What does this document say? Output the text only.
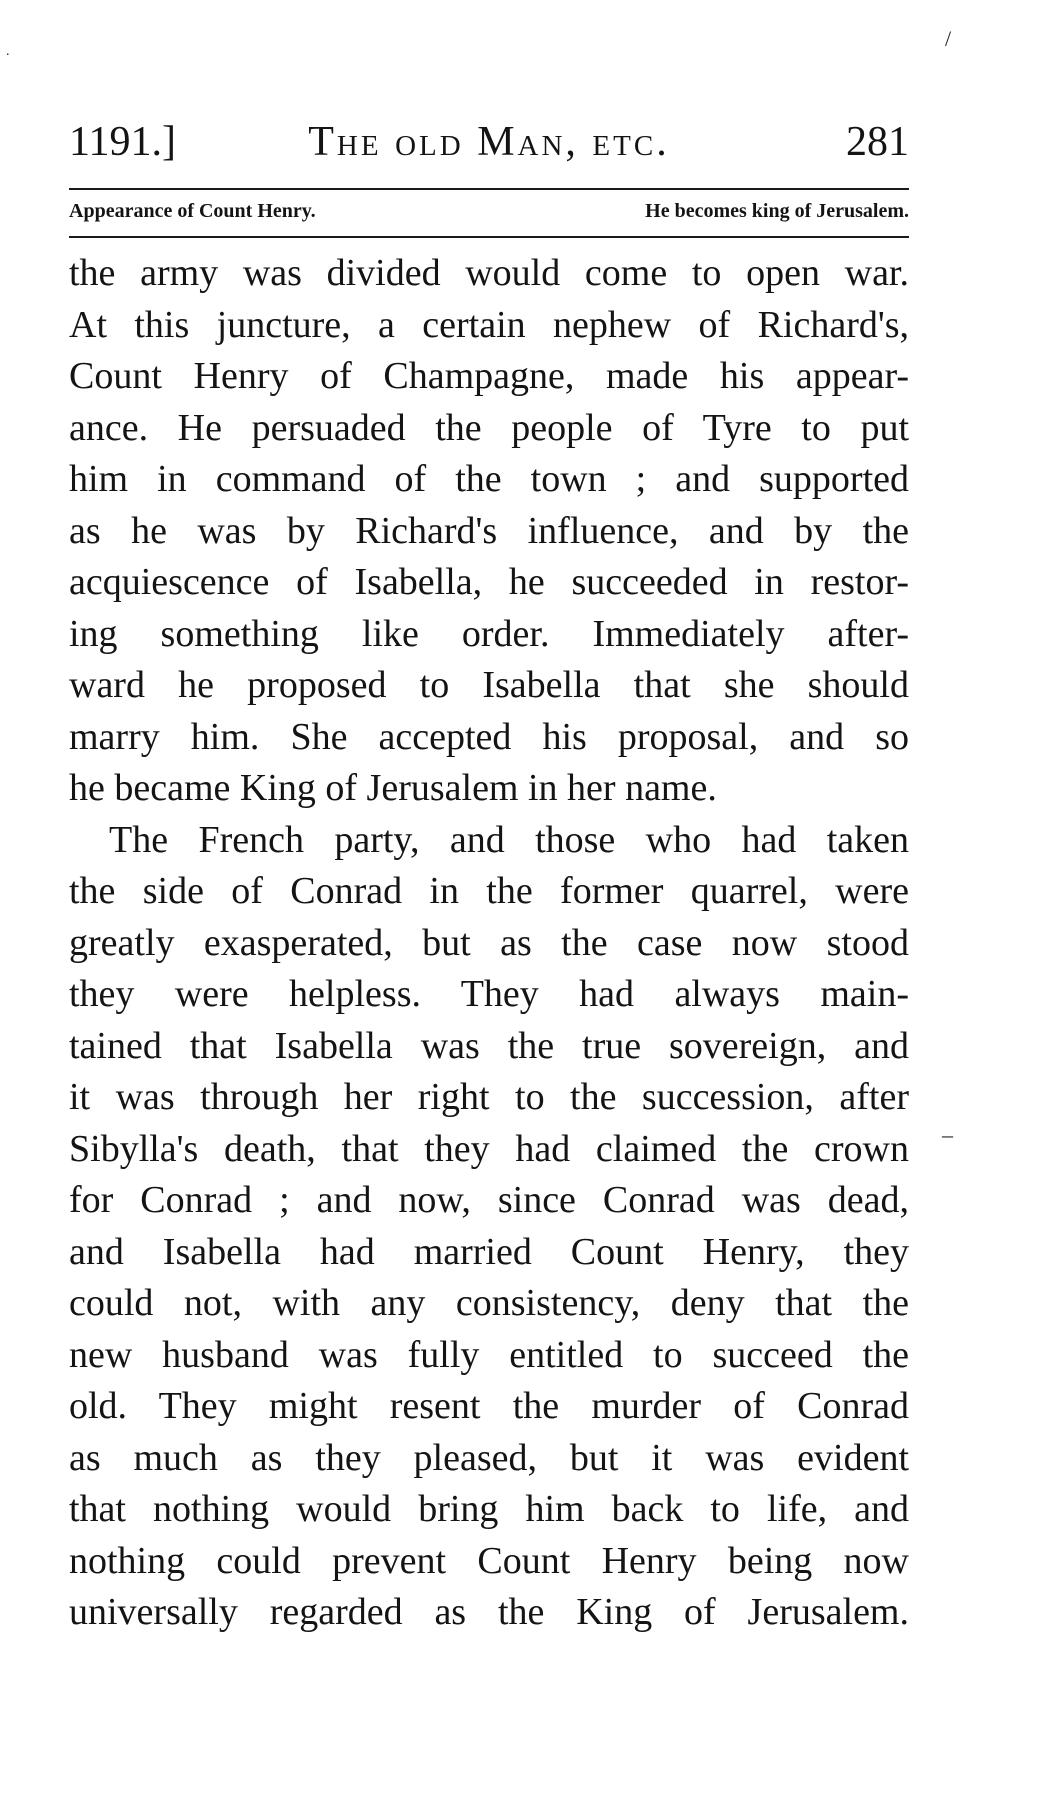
/
.
1191.]	The old Man, etc.	281
Appearance of Count Henry.	He becomes king of Jerusalem.
the army was divided would come to open war.
At this juncture, a certain nephew of Richard's,
Count Henry of Champagne, made his appear-
ance. He persuaded the people of Tyre to put
him in command of the town ; and supported
as he was by Richard's influence, and by the
acquiescence of Isabella, he succeeded in restor-
ing something like order. Immediately after-
ward he proposed to Isabella that she should
marry him. She accepted his proposal, and so
he became King of Jerusalem in her name.
The French party, and those who had taken
the side of Conrad in the former quarrel, were
greatly exasperated, but as the case now stood
they were helpless. They had always main-
tained that Isabella was the true sovereign, and
it was through her right to the succession, after
Sibylla's death, that they had claimed the crown
for Conrad ; and now, since Conrad was dead,
and Isabella had married Count Henry, they
could not, with any consistency, deny that the
new husband was fully entitled to succeed the
old. They might resent the murder of Conrad
as much as they pleased, but it was evident
that nothing would bring him back to life, and
nothing could prevent Count Henry being now
universally regarded as the King of Jerusalem.
‒
